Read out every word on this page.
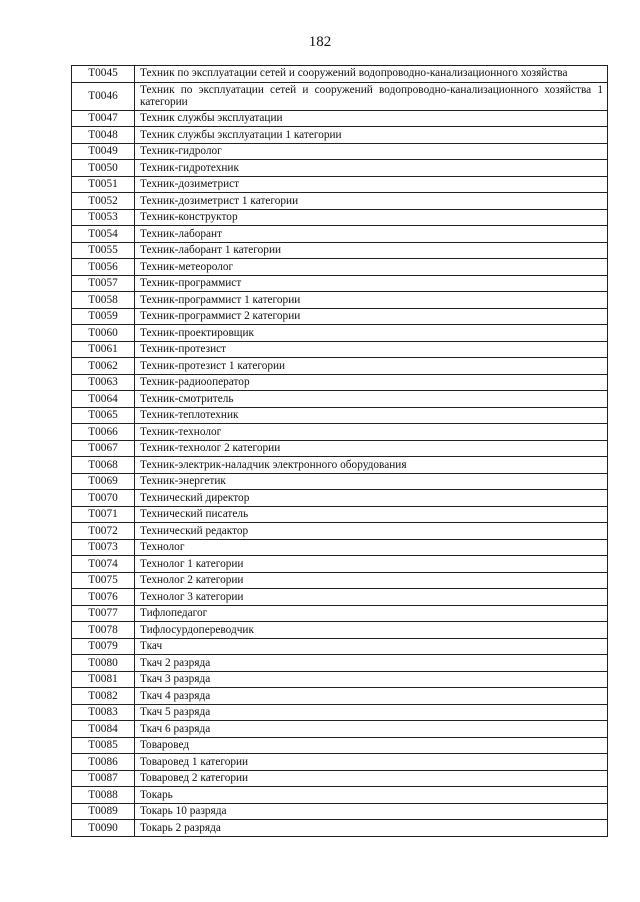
182
T0045	Техник по эксплуатации сетей и сооружений водопроводно-канализационного хозяйства
T0046	Техник по эксплуатации сетей и сооружений водопроводно-канализационного хозяйства 1 категории
T0047	Техник службы эксплуатации
T0048	Техник службы эксплуатации 1 категории
T0049	Техник-гидролог
T0050	Техник-гидротехник
T0051	Техник-дозиметрист
T0052	Техник-дозиметрист 1 категории
T0053	Техник-конструктор
T0054	Техник-лаборант
T0055	Техник-лаборант 1 категории
T0056	Техник-метеоролог
T0057	Техник-программист
T0058	Техник-программист 1 категории
T0059	Техник-программист 2 категории
T0060	Техник-проектировщик
T0061	Техник-протезист
T0062	Техник-протезист 1 категории
T0063	Техник-радиооператор
T0064	Техник-смотритель
T0065	Техник-теплотехник
T0066	Техник-технолог
T0067	Техник-технолог 2 категории
T0068	Техник-электрик-наладчик электронного оборудования
T0069	Техник-энергетик
T0070	Технический директор
T0071	Технический писатель
T0072	Технический редактор
T0073	Технолог
T0074	Технолог 1 категории
T0075	Технолог 2 категории
T0076	Технолог 3 категории
T0077	Тифлопедагог
T0078	Тифлосурдопереводчик
T0079	Ткач
T0080	Ткач 2 разряда
T0081	Ткач 3 разряда
T0082	Ткач 4 разряда
T0083	Ткач 5 разряда
T0084	Ткач 6 разряда
T0085	Товаровед
T0086	Товаровед 1 категории
T0087	Товаровед 2 категории
T0088	Токарь
T0089	Токарь 10 разряда
T0090	Токарь 2 разряда
